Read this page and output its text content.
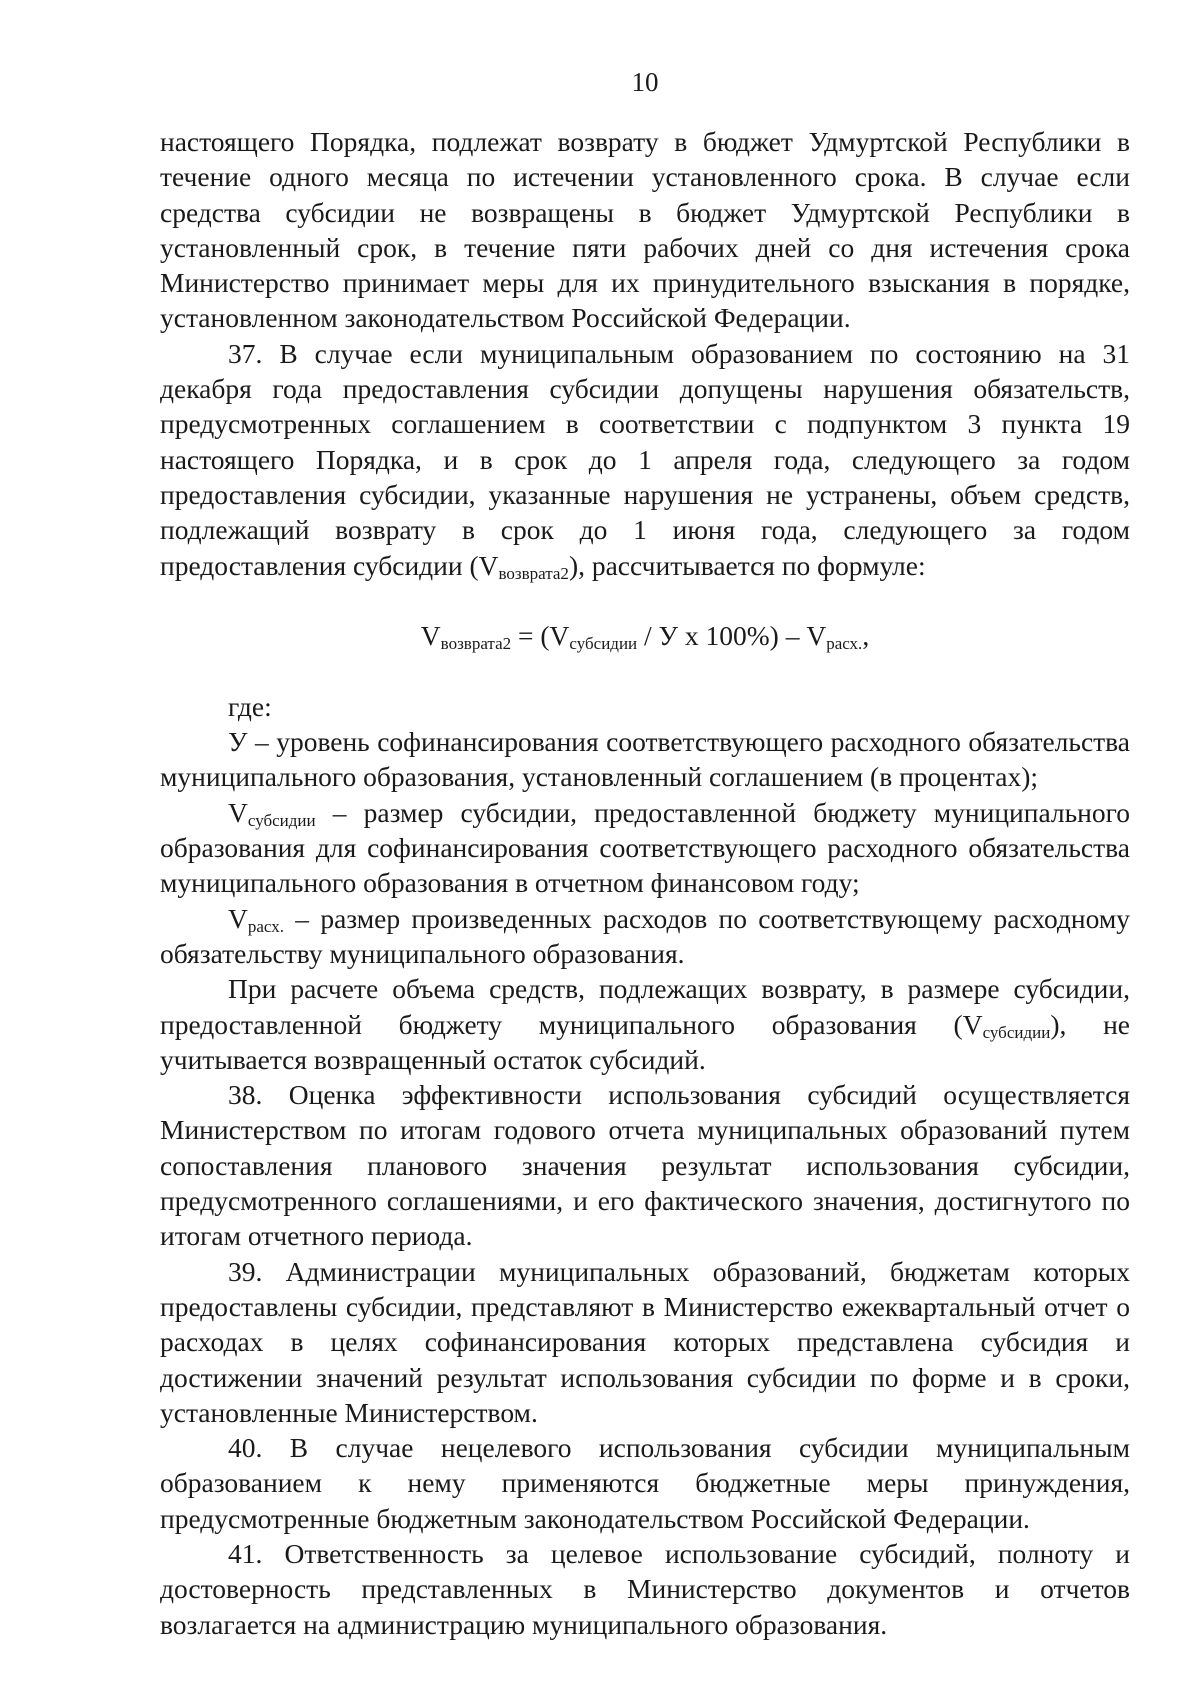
10

настоящего Порядка, подлежат возврату в бюджет Удмуртской Республики в течение одного месяца по истечении установленного срока. В случае если средства субсидии не возвращены в бюджет Удмуртской Республики в установленный срок, в течение пяти рабочих дней со дня истечения срока Министерство принимает меры для их принудительного взыскания в порядке, установленном законодательством Российской Федерации.

37. В случае если муниципальным образованием по состоянию на 31 декабря года предоставления субсидии допущены нарушения обязательств, предусмотренных соглашением в соответствии с подпунктом 3 пункта 19 настоящего Порядка, и в срок до 1 апреля года, следующего за годом предоставления субсидии, указанные нарушения не устранены, объем средств, подлежащий возврату в срок до 1 июня года, следующего за годом предоставления субсидии $(V_{возврата2})$, рассчитывается по формуле:

$V_{возврата2} = (V_{субсидии} / У$ х $100\%) - V_{расх.}$,

где:

У – уровень софинансирования соответствующего расходного обязательства муниципального образования, установленный соглашением (в процентах);

$V_{субсидии}$ – размер субсидии, предоставленной бюджету муниципального образования для софинансирования соответствующего расходного обязательства муниципального образования в отчетном финансовом году;

$V_{расх.}$ – размер произведенных расходов по соответствующему расходному обязательству муниципального образования.

При расчете объема средств, подлежащих возврату, в размере субсидии, предоставленной бюджету муниципального образования $(V_{субсидии})$, не учитывается возвращенный остаток субсидий.

38. Оценка эффективности использования субсидий осуществляется Министерством по итогам годового отчета муниципальных образований путем сопоставления планового значения результат использования субсидии, предусмотренного соглашениями, и его фактического значения, достигнутого по итогам отчетного периода.

39. Администрации муниципальных образований, бюджетам которых предоставлены субсидии, представляют в Министерство ежеквартальный отчет о расходах в целях софинансирования которых представлена субсидия и достижении значений результат использования субсидии по форме и в сроки, установленные Министерством.

40. В случае нецелевого использования субсидии муниципальным образованием к нему применяются бюджетные меры принуждения, предусмотренные бюджетным законодательством Российской Федерации.

41. Ответственность за целевое использование субсидий, полноту и достоверность представленных в Министерство документов и отчетов возлагается на администрацию муниципального образования.
